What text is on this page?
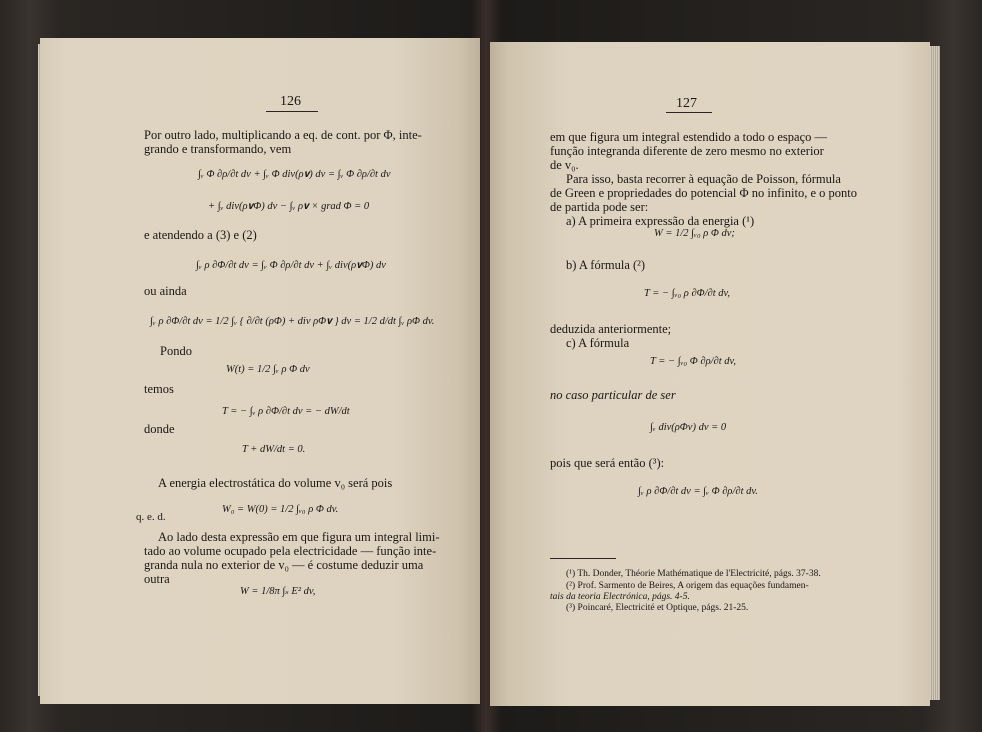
126
Por outro lado, multiplicando a eq. de cont. por Φ, inte-
grando e transformando, vem
∫ᵥ Φ ∂ρ/∂t dv + ∫ᵥ Φ div(ρ𝐯) dv = ∫ᵥ Φ ∂ρ/∂t dv
+ ∫ᵥ div(ρ𝐯Φ) dv − ∫ᵥ ρ𝐯 × grad Φ = 0
e atendendo a (3) e (2)
∫ᵥ ρ ∂Φ/∂t dv = ∫ᵥ Φ ∂ρ/∂t dv + ∫ᵥ div(ρ𝐯Φ) dv
ou ainda
∫ᵥ ρ ∂Φ/∂t dv = 1/2 ∫ᵥ { ∂/∂t (ρΦ) + div ρΦ𝐯 } dv = 1/2 d/dt ∫ᵥ ρΦ dv.
Pondo
W(t) = 1/2 ∫ᵥ ρ Φ dv
temos
T = − ∫ᵥ ρ ∂Φ/∂t dv = − dW/dt
donde
T + dW/dt = 0.
A energia electrostática do volume v₀ será pois
W₀ = W(0) = 1/2 ∫ᵥ₀ ρ Φ dv.
q. e. d.
Ao lado desta expressão em que figura um integral limi-
tado ao volume ocupado pela electricidade — função inte-
granda nula no exterior de v₀ — é costume deduzir uma
outra
W = 1/8π ∫ₛ E² dv,
127
em que figura um integral estendido a todo o espaço —
função integranda diferente de zero mesmo no exterior
de v₀.
Para isso, basta recorrer à equação de Poisson, fórmula
de Green e propriedades do potencial Φ no infinito, e o ponto
de partida pode ser:
a) A primeira expressão da energia (¹)
W = 1/2 ∫ᵥ₀ ρ Φ dv;
b) A fórmula (²)
T = − ∫ᵥ₀ ρ ∂Φ/∂t dv,
deduzida anteriormente;
c) A fórmula
T = − ∫ᵥ₀ Φ ∂ρ/∂t dv,
no caso particular de ser
∫ᵥ div(ρΦv) dv = 0
pois que será então (³):
∫ᵥ ρ ∂Φ/∂t dv = ∫ᵥ Φ ∂ρ/∂t dv.
(¹) Th. Donder, Théorie Mathématique de l'Electricité, págs. 37-38.
(²) Prof. Sarmento de Beires, A origem das equações fundamen-
tais da teoria Electrónica, págs. 4-5.
(³) Poincaré, Electricité et Optique, págs. 21-25.
